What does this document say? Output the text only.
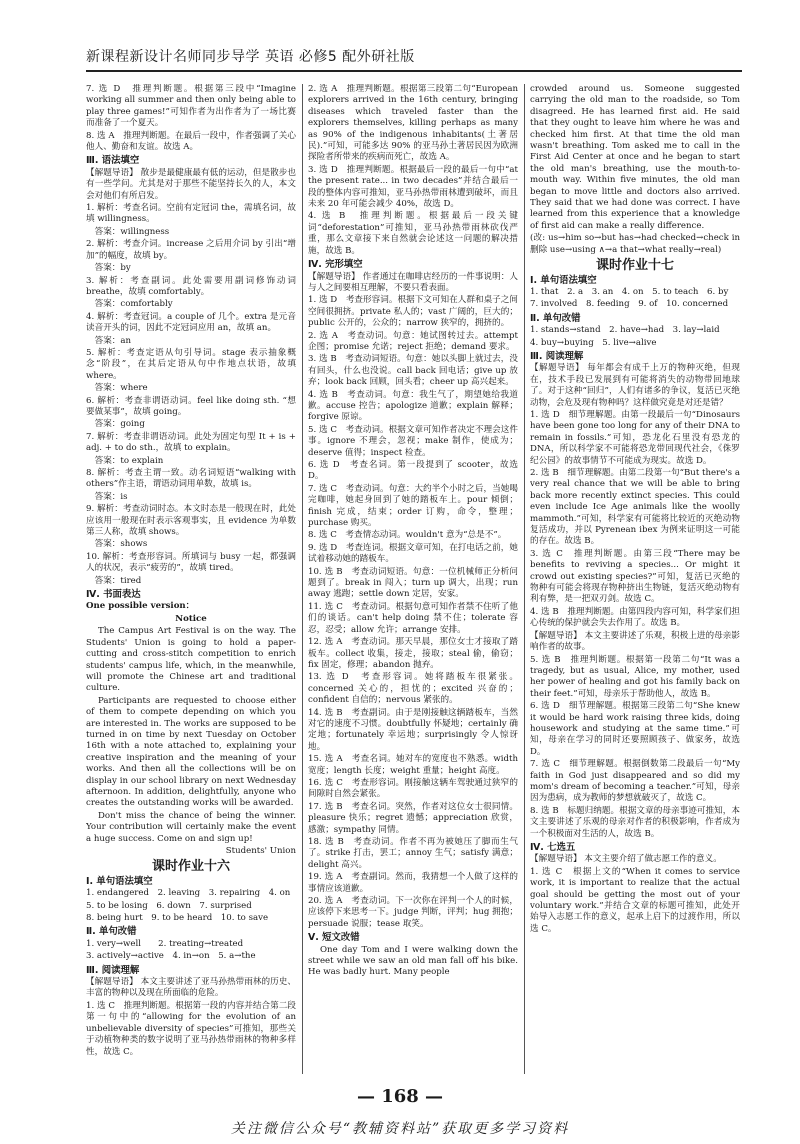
新课程新设计名师同步导学 英语 必修5 配外研社版
7. 选 D　推理判断题。根据第三段中“Imagine working all summer and then only being able to play three games!”可知作者为出作者为了一场比赛而准备了一个夏天。
8. 选 A　推理判断题。在最后一段中，作者强调了关心他人、勤奋和友谊。故选 A。
Ⅲ. 语法填空
【解题导语】 散步是最健康最有低的运动，但是散步也有一些学问。尤其是对于那些不能坚持长久的人，本文会对他们有所启发。
1. 解析：考查名词。空前有定冠词 the，需填名词，故填 willingness。
　答案：willingness
2. 解析：考查介词。increase 之后用介词 by 引出“增加”的幅度，故填 by。
　答案：by
3. 解析：考查副词。此处需要用副词修饰动词 breathe，故填 comfortably。
　答案：comfortably
4. 解析：考查冠词。a couple of 几个。extra 是元音读音开头的词，因此不定冠词应用 an，故填 an。
　答案：an
5. 解析：考查定语从句引导词。stage 表示抽象概念“阶段”，在其后定语从句中作地点状语，故填 where。
　答案：where
6. 解析：考查非谓语动词。feel like doing sth. “想要做某事”，故填 going。
　答案：going
7. 解析：考查非谓语动词。此处为固定句型 It + is + adj. + to do sth.，故填 to explain。
　答案：to explain
8. 解析：考查主谓一致。动名词短语“walking with others”作主语，谓语动词用单数，故填 is。
　答案：is
9. 解析：考查动词时态。本文时态是一般现在时，此处应该用一般现在时表示客观事实，且 evidence 为单数第三人称，故填 shows。
　答案：shows
10. 解析：考查形容词。所填词与 busy 一起，都强调人的状况，表示“疲劳的”，故填 tired。
　答案：tired
Ⅳ. 书面表达
One possible version：
Notice
The Campus Art Festival is on the way. The Students' Union is going to hold a paper-cutting and cross-stitch competition to enrich students' campus life, which, in the meanwhile, will promote the Chinese art and traditional culture.
Participants are requested to choose either of them to compete depending on which you are interested in. The works are supposed to be turned in on time by next Tuesday on October 16th with a note attached to, explaining your creative inspiration and the meaning of your works. And then all the collections will be on display in our school library on next Wednesday afternoon. In addition, delightfully, anyone who creates the outstanding works will be awarded.
Don't miss the chance of being the winner. Your contribution will certainly make the event a huge success. Come on and sign up!
Students' Union
课时作业十六
Ⅰ. 单句语法填空
1. endangered　2. leaving　3. repairing　4. on
5. to be losing　6. down　7. surprised
8. being hurt　9. to be heard　10. to save
Ⅱ. 单句改错
1. very→well　　2. treating→treated
3. actively→active　4. in→on　5. a→the
Ⅲ. 阅读理解
【解题导语】 本文主要讲述了亚马孙热带雨林的历史、丰富的物种以及现在所面临的危险。
1. 选 C　推理判断题。根据第一段的内容并结合第二段第一句中的“allowing for the evolution of an unbelievable diversity of species”可推知，那些关于动植物种类的数字说明了亚马孙热带雨林的物种多样性，故选 C。
2. 选 A　推理判断题。根据第三段第二句“European explorers arrived in the 16th century, bringing diseases which traveled faster than the explorers themselves, killing perhaps as many as 90% of the indigenous inhabitants(土著居民).”可知，可能多达 90% 的亚马孙土著居民因为欧洲探险者所带来的疾病而死亡，故选 A。
3. 选 D　推理判断题。根据最后一段的最后一句中“at the present rate... in two decades”并结合最后一段的整体内容可推知，亚马孙热带雨林遭到破坏，而且未来 20 年可能会减少 40%，故选 D。
4. 选 B　推理判断题。根据最后一段关键词“deforestation”可推知，亚马孙热带雨林砍伐严重，那么文章接下来自然就会论述这一问题的解决措施，故选 B。
Ⅳ. 完形填空
【解题导语】 作者通过在咖啡店经历的一件事说明：人与人之间要相互理解，不要只看表面。
1. 选 D　考查形容词。根据下文可知在人群和桌子之间空间很拥挤。private 私人的；vast 广阔的，巨大的；public 公开的，公众的；narrow 狭窄的，拥挤的。
2. 选 A　考查动词。句意：她试图转过去。attempt 企图；promise 允诺；reject 拒绝；demand 要求。
3. 选 B　考查动词短语。句意：她以头脚上就过去，没有回头，什么也没说。call back 回电话；give up 放弃；look back 回顾，回头看；cheer up 高兴起来。
4. 选 B　考查动词。句意：我生气了，期望她给我道歉。accuse 控告；apologize 道歉；explain 解释；forgive 原谅。
5. 选 C　考查动词。根据文章可知作者决定不理会这件事。ignore 不理会，忽视；make 制作，使成为；deserve 值得；inspect 检查。
6. 选 D　考查名词。第一段提到了 scooter，故选 D。
7. 选 C　考查动词。句意：大约半个小时之后，当她喝完咖啡，她起身回到了她的踏板车上。pour 倾倒；finish 完成，结束；order 订购，命令，整理；purchase 购买。
8. 选 C　考查情态动词。wouldn't 意为“总是不”。
9. 选 D　考查连词。根据文章可知，在打电话之前，她试着移动她的踏板车。
10. 选 B　考查动词短语。句意：一位机械师正分析问题到了。break in 闯入；turn up 调大，出现；run away 逃跑；settle down 定居，安家。
11. 选 C　考查动词。根据句意可知作者禁不住听了他们的谈话。can't help doing 禁不住；tolerate 容忍，忍受；allow 允许；arrange 安排。
12. 选 A　考查动词。那天早晨，那位女士才接取了踏板车。collect 收集，接走，接取；steal 偷，偷窃；fix 固定，修理；abandon 抛弃。
13. 选 D　考查形容词。她将踏板车很紧张。concerned 关心的，担忧的；excited 兴奋的；confident 自信的；nervous 紧张的。
14. 选 B　考查副词。由于是刚接触这辆踏板车，当然对它的速度不习惯。doubtfully 怀疑地；certainly 确定地；fortunately 幸运地；surprisingly 令人惊讶地。
15. 选 A　考查名词。她对车的宽度也不熟悉。width 宽度；length 长度；weight 重量；height 高度。
16. 选 C　考查形容词。刚接触这辆车驾驶通过狭窄的间隙时自然会紧张。
17. 选 B　考查名词。突然，作者对这位女士很同情。pleasure 快乐；regret 遗憾；appreciation 欣赏，感激；sympathy 同情。
18. 选 B　考查动词。作者不再为被她压了脚而生气了。strike 打击，罢工；annoy 生气；satisfy 满意；delight 高兴。
19. 选 A　考查副词。然而，我猜想一个人做了这样的事情应该道歉。
20. 选 A　考查动词。下一次你在评判一个人的时候，应该停下来思考一下。judge 判断，评判；hug 拥抱；persuade 说服；tease 取笑。
Ⅴ. 短文改错
One day Tom and I were walking down the street while we saw an old man fall off his bike. He was badly hurt. Many people
crowded around us. Someone suggested carrying the old man to the roadside, so Tom disagreed. He has learned first aid. He said that they ought to leave him where he was and checked him first. At that time the old man wasn't breathing. Tom asked me to call in the First Aid Center at once and he began to start the old man's breathing, use the mouth-to-mouth way. Within five minutes, the old man began to move little and doctors also arrived. They said that we had done was correct. I have learned from this experience that a knowledge of first aid can make a really difference.
(改: us→him so→but has→had checked→check in 删除 use→using ∧→a that→what really→real)
课时作业十七
Ⅰ. 单句语法填空
1. that　2. a　3. an　4. on　5. to teach　6. by
7. involved　8. feeding　9. of　10. concerned
Ⅱ. 单句改错
1. stands→stand　2. have→had　3. lay→laid
4. buy→buying　5. live→alive
Ⅲ. 阅读理解
【解题导语】 每年都会有成千上万的物种灭绝，但现在，技术手段已发展到有可能将消失的动物带回地球了。对于这种“回归”，人们有诸多的争议，复活已灭绝动物，会危及现有物种吗？这样做究竟是对还是错？
1. 选 D　细节理解题。由第一段最后一句“Dinosaurs have been gone too long for any of their DNA to remain in fossils.”可知，恐龙化石里没有恐龙的 DNA，所以科学家不可能将恐龙带回现代社会，《侏罗纪公园》的故事情节不可能成为现实。故选 D。
2. 选 B　细节理解题。由第二段第一句“But there's a very real chance that we will be able to bring back more recently extinct species. This could even include Ice Age animals like the woolly mammoth.”可知，科学家有可能将比较近的灭绝动物复活成功，并以 Pyrenean ibex 为例来证明这一可能的存在。故选 B。
3. 选 C　推理判断题。由第三段“There may be benefits to reviving a species... Or might it crowd out existing species?”可知，复活已灭绝的物种有可能会将现存物种挤出生物链，复活灭绝动物有利有弊，是一把双刃剑。故选 C。
4. 选 B　推理判断题。由第四段内容可知，科学家们担心传统的保护就会失去作用了。故选 B。
【解题导语】 本文主要讲述了乐观，积极上进的母亲影响作者的故事。
5. 选 B　推理判断题。根据第一段第二句“It was a tragedy, but as usual, Alice, my mother, used her power of healing and got his family back on their feet.”可知，母亲乐于帮助他人，故选 B。
6. 选 D　细节理解题。根据第三段第二句“She knew it would be hard work raising three kids, doing housework and studying at the same time.”可知，母亲在学习的同时还要照顾孩子、做家务，故选 D。
7. 选 C　细节理解题。根据倒数第二段最后一句“My faith in God just disappeared and so did my mom's dream of becoming a teacher.”可知，母亲因为患病，成为教师的梦想就破灭了，故选 C。
8. 选 B　标题归纳题。根据文章的母亲事迹可推知，本文主要讲述了乐观的母亲对作者的积极影响，作者成为一个积极面对生活的人，故选 B。
Ⅳ. 七选五
【解题导语】 本文主要介绍了做志愿工作的意义。
1. 选 C　根据上文的“When it comes to service work, it is important to realize that the actual goal should be getting the most out of your voluntary work.”并结合文章的标题可推知，此处开始导入志愿工作的意义，起承上启下的过渡作用，所以选 C。
— 168 —
关注微信公众号“教辅资料站”获取更多学习资料
